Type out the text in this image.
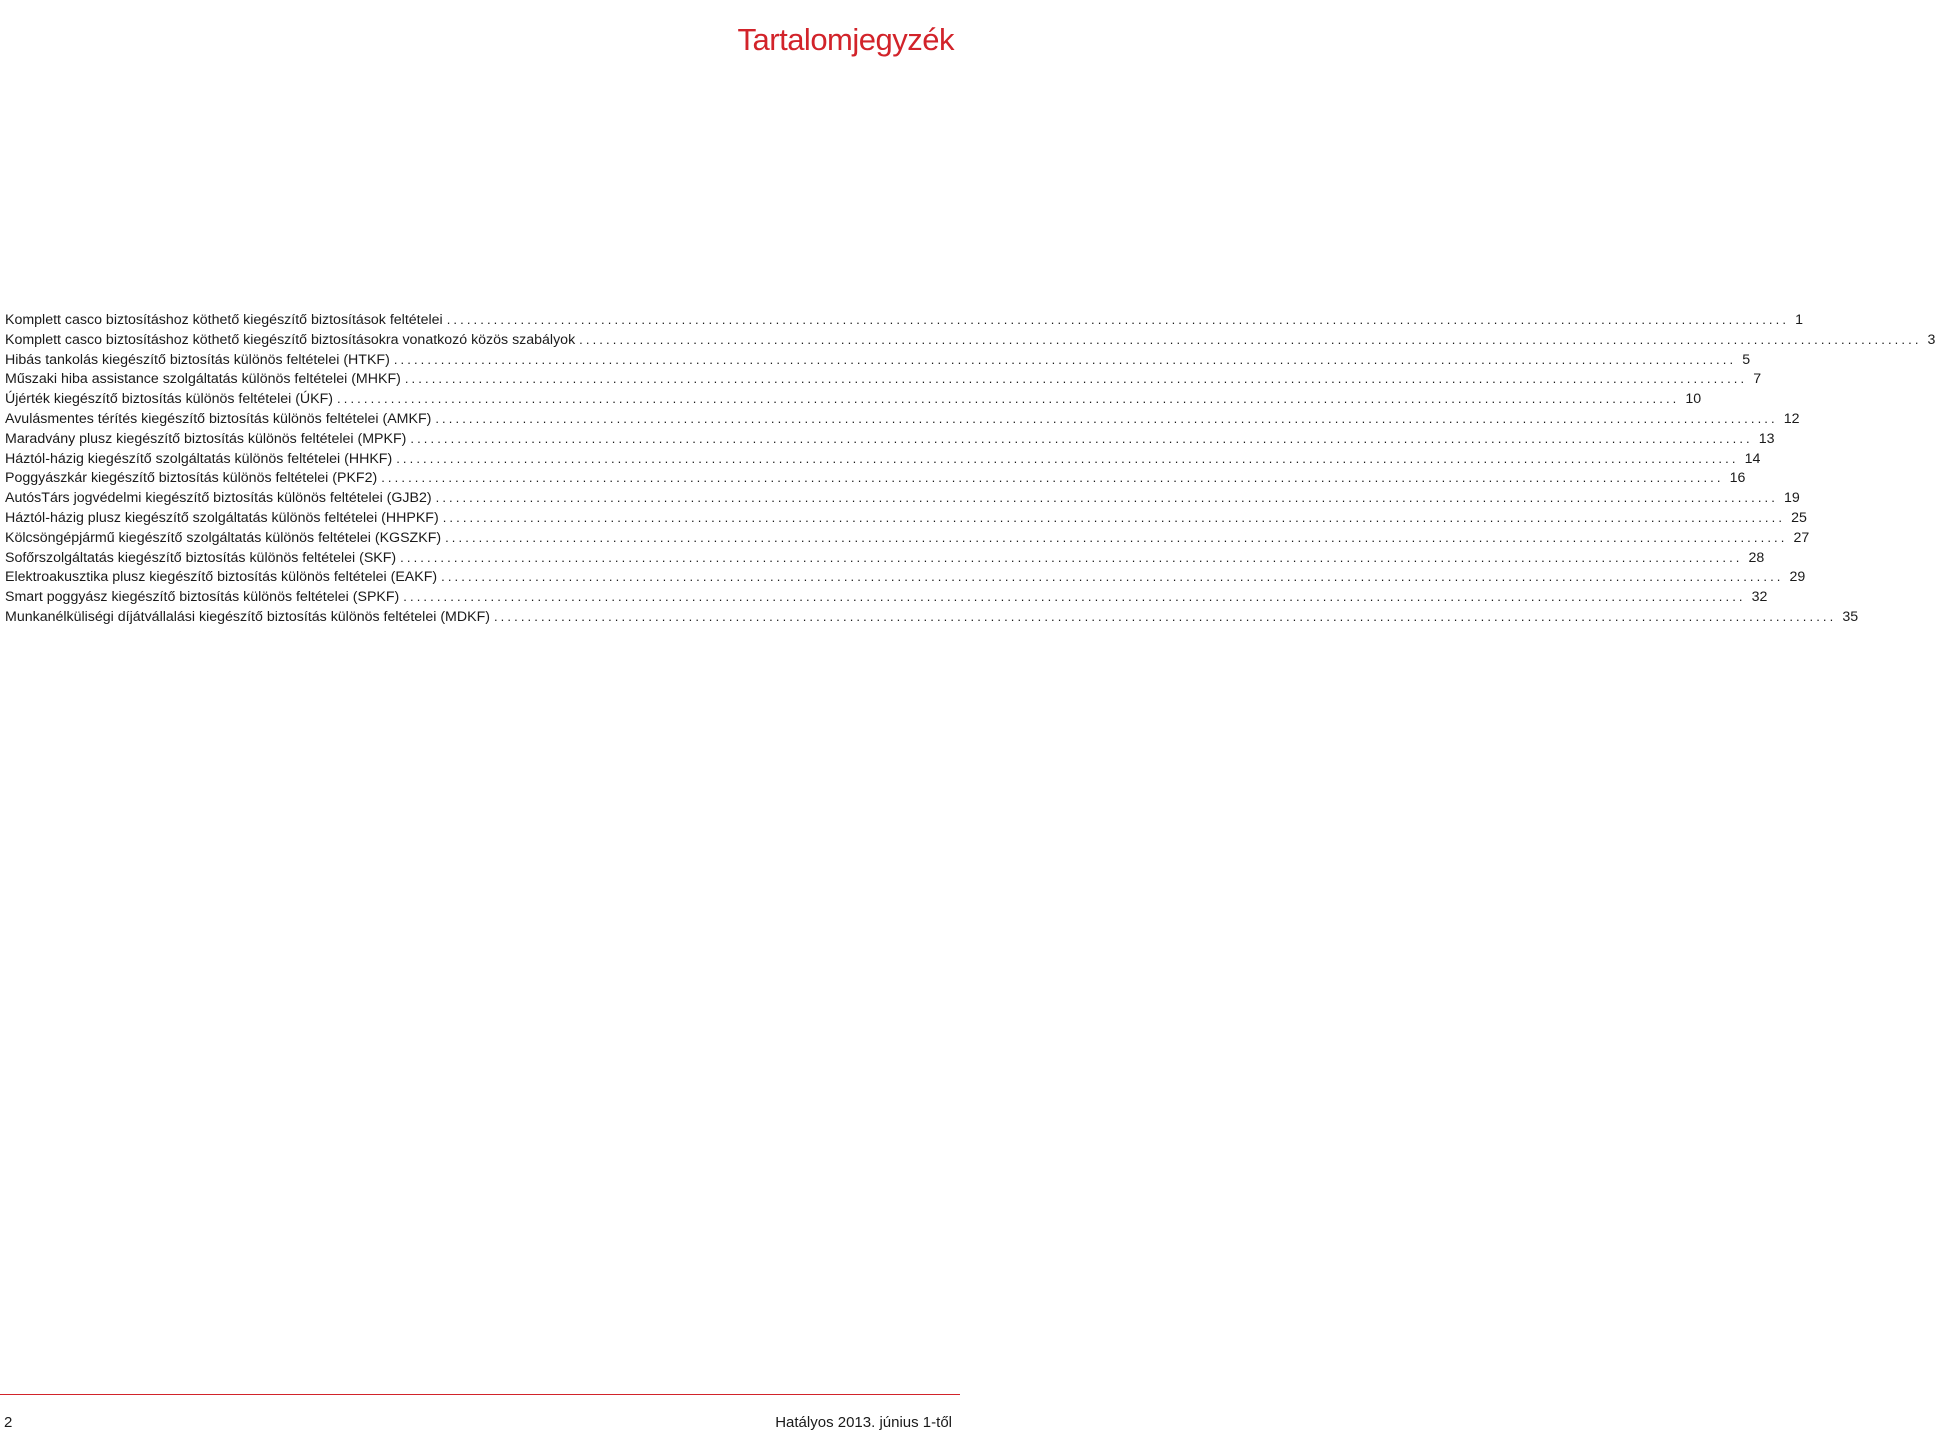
Tartalomjegyzék
Komplett casco biztosításhoz köthető kiegészítő biztosítások feltételei ........................................................................................................................................................................................................ 1
Komplett casco biztosításhoz köthető kiegészítő biztosításokra vonatkozó közös szabályok ........................................................................................................................................................................................................ 3
Hibás tankolás kiegészítő biztosítás különös feltételei (HTKF) ........................................................................................................................................................................................................ 5
Műszaki hiba assistance szolgáltatás különös feltételei (MHKF) ........................................................................................................................................................................................................ 7
Újérték kiegészítő biztosítás különös feltételei (ÚKF) ........................................................................................................................................................................................................ 10
Avulásmentes térítés kiegészítő biztosítás különös feltételei (AMKF) ........................................................................................................................................................................................................ 12
Maradvány plusz kiegészítő biztosítás különös feltételei (MPKF) ........................................................................................................................................................................................................ 13
Háztól-házig kiegészítő szolgáltatás különös feltételei (HHKF) ........................................................................................................................................................................................................ 14
Poggyászkár kiegészítő biztosítás különös feltételei (PKF2) ........................................................................................................................................................................................................ 16
AutósTárs jogvédelmi kiegészítő biztosítás különös feltételei (GJB2) ........................................................................................................................................................................................................ 19
Háztól-házig plusz kiegészítő szolgáltatás különös feltételei (HHPKF) ........................................................................................................................................................................................................ 25
Kölcsöngépjármű kiegészítő szolgáltatás különös feltételei (KGSZKF) ........................................................................................................................................................................................................ 27
Sofőrszolgáltatás kiegészítő biztosítás különös feltételei (SKF) ........................................................................................................................................................................................................ 28
Elektroakusztika plusz kiegészítő biztosítás különös feltételei (EAKF) ........................................................................................................................................................................................................ 29
Smart poggyász kiegészítő biztosítás különös feltételei (SPKF) ........................................................................................................................................................................................................ 32
Munkanélküliségi díjátvállalási kiegészítő biztosítás különös feltételei (MDKF) ........................................................................................................................................................................................................ 35
2	Hatályos 2013. június 1-től
